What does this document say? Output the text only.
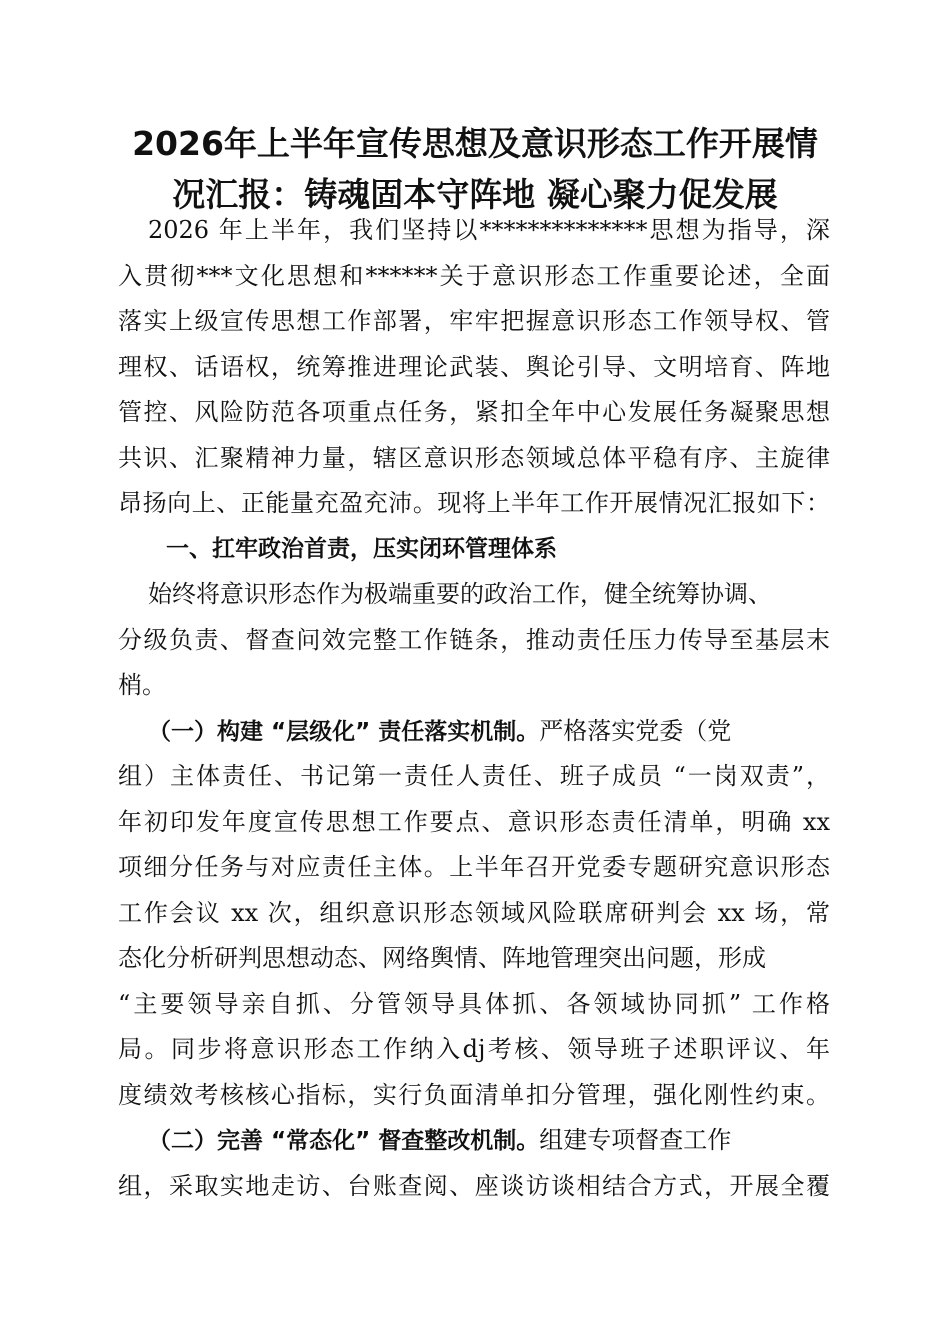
2026年上半年宣传思想及意识形态工作开展情
况汇报：铸魂固本守阵地 凝心聚力促发展
2026 年上半年，我们坚持以**************思想为指导，深
入贯彻***文化思想和******关于意识形态工作重要论述，全面
落实上级宣传思想工作部署，牢牢把握意识形态工作领导权、管
理权、话语权，统筹推进理论武装、舆论引导、文明培育、阵地
管控、风险防范各项重点任务，紧扣全年中心发展任务凝聚思想
共识、汇聚精神力量，辖区意识形态领域总体平稳有序、主旋律
昂扬向上、正能量充盈充沛。现将上半年工作开展情况汇报如下：
一、扛牢政治首责，压实闭环管理体系
始终将意识形态作为极端重要的政治工作，健全统筹协调、
分级负责、督查问效完整工作链条，推动责任压力传导至基层末
梢。
（一）构建 “层级化” 责任落实机制。严格落实党委（党
组）主体责任、书记第一责任人责任、班子成员 “一岗双责”，
年初印发年度宣传思想工作要点、意识形态责任清单，明确 xx
项细分任务与对应责任主体。上半年召开党委专题研究意识形态
工作会议 xx 次，组织意识形态领域风险联席研判会 xx 场，常
态化分析研判思想动态、网络舆情、阵地管理突出问题，形成
“主要领导亲自抓、分管领导具体抓、各领域协同抓” 工作格
局。同步将意识形态工作纳入dj考核、领导班子述职评议、年
度绩效考核核心指标，实行负面清单扣分管理，强化刚性约束。
（二）完善 “常态化” 督查整改机制。组建专项督查工作
组，采取实地走访、台账查阅、座谈访谈相结合方式，开展全覆
